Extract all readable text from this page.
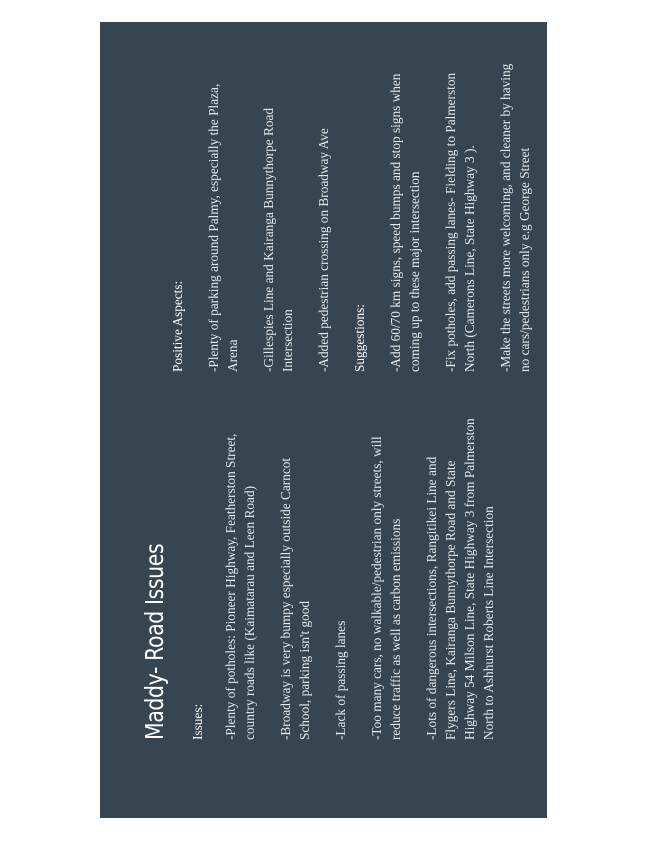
Maddy- Road Issues Issues: -Plenty of potholes: Pioneer Highway, Featherston Street, country roads like (Kaimatarau and Leen Road) -Broadway is very bumpy especially outside Carncot School, parking isn't good -Lack of passing lanes -Too many cars, no walkable/pedestrian only streets, will reduce traffic as well as carbon emissions -Lots of dangerous intersections, Rangitikei Line and Flygers Line, Kairanga Bunnythorpe Road and State Highway 54 Milson Line, State Highway 3 from Palmerston North to Ashhurst Roberts Line Intersection

Positive Aspects: -Plenty of parking around Palmy, especially the Plaza, Arena -Gillespies Line and Kairanga Bunnythorpe Road Intersection -Added pedestrian crossing on Broadway Ave Suggestions: -Add 60/70 km signs, speed bumps and stop signs when coming up to these major intersection -Fix potholes, add passing lanes- Fielding to Palmerston North (Camerons Line, State Highway 3 ). -Make the streets more welcoming, and cleaner by having no cars/pedestrians only e.g George Street
